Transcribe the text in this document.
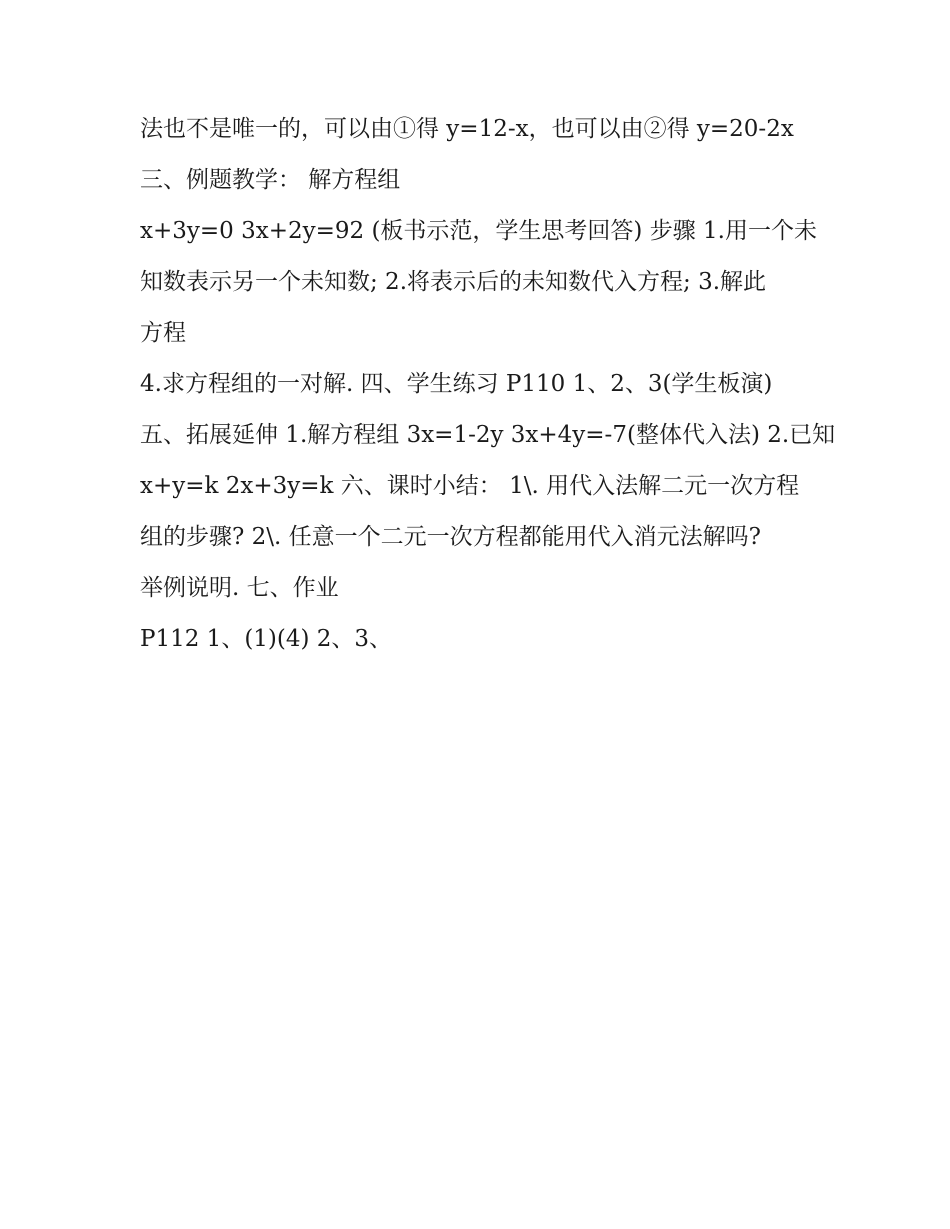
法也不是唯一的，可以由①得 y=12-x，也可以由②得 y=20-2x
三、例题教学： 解方程组
x+3y=0 3x+2y=92 (板书示范，学生思考回答) 步骤 1.用一个未
知数表示另一个未知数; 2.将表示后的未知数代入方程; 3.解此
方程
4.求方程组的一对解. 四、学生练习 P110 1、2、3(学生板演)
五、拓展延伸 1.解方程组 3x=1-2y 3x+4y=-7(整体代入法) 2.已知
x+y=k 2x+3y=k 六、课时小结： 1\. 用代入法解二元一次方程
组的步骤? 2\. 任意一个二元一次方程都能用代入消元法解吗?
举例说明. 七、作业
P112 1、(1)(4) 2、3、
